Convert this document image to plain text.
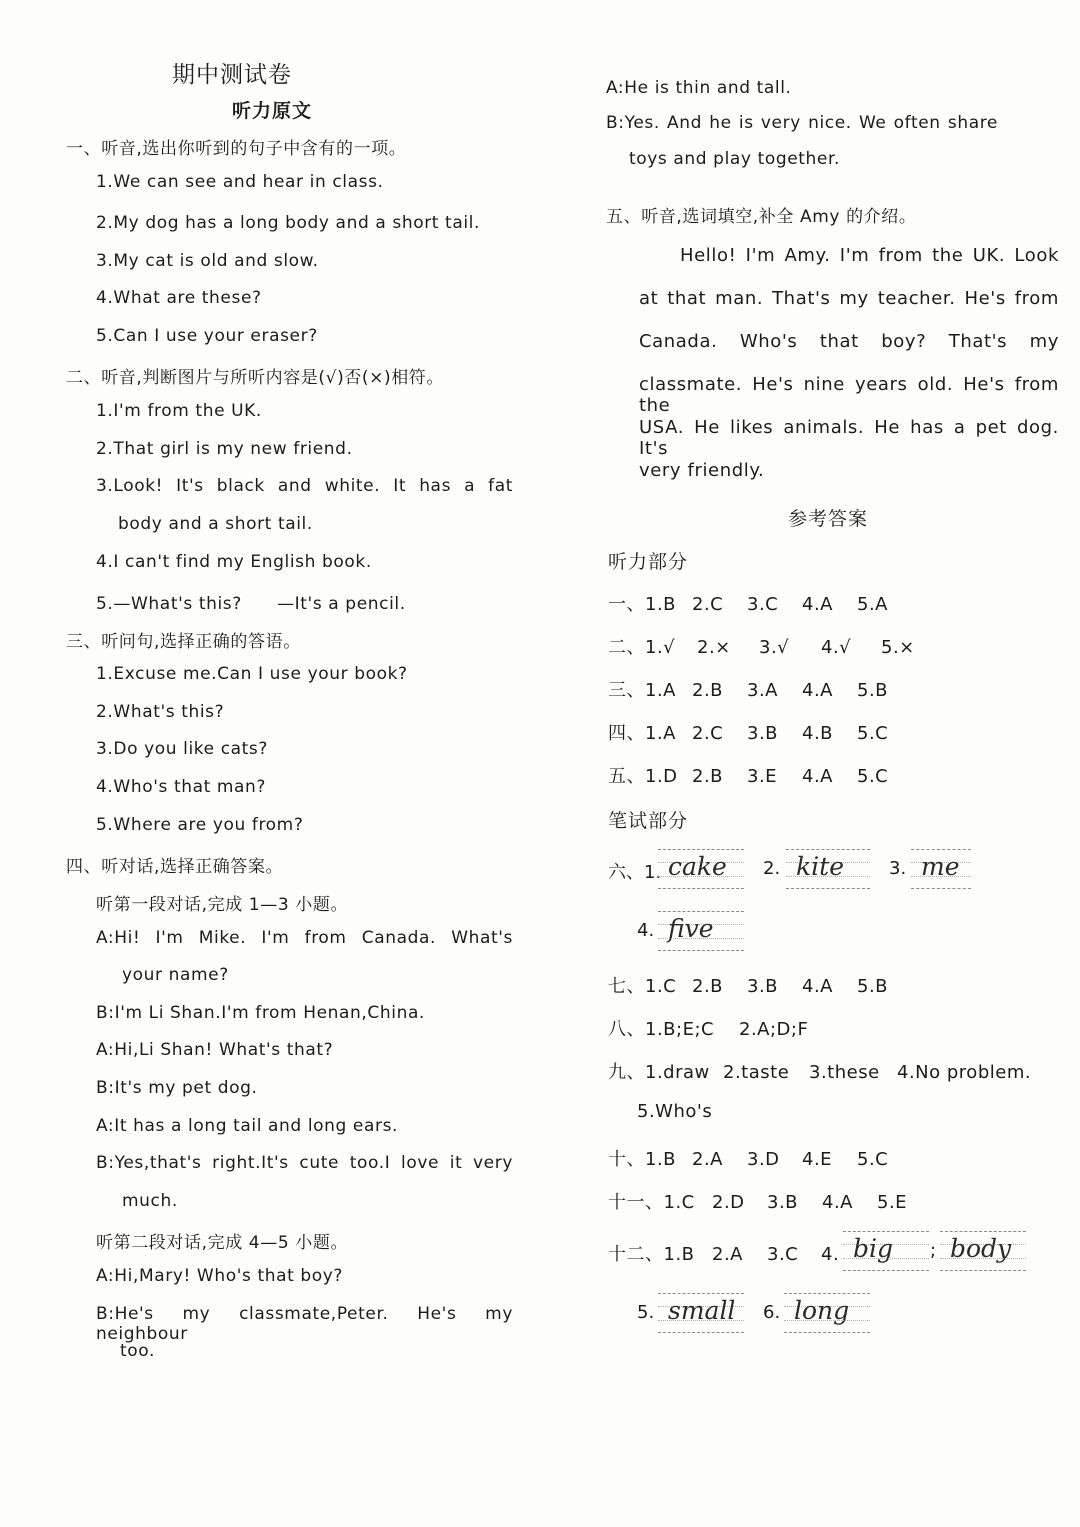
期中测试卷
听力原文
一、听音,选出你听到的句子中含有的一项。
1.We can see and hear in class.
2.My dog has a long body and a short tail.
3.My cat is old and slow.
4.What are these?
5.Can I use your eraser?
二、听音,判断图片与所听内容是(√)否(×)相符。
1.I'm from the UK.
2.That girl is my new friend.
3.Look! It's black and white. It has a fat
body and a short tail.
4.I can't find my English book.
5.—What's this?　　—It's a pencil.
三、听问句,选择正确的答语。
1.Excuse me.Can I use your book?
2.What's this?
3.Do you like cats?
4.Who's that man?
5.Where are you from?
四、听对话,选择正确答案。
听第一段对话,完成 1—3 小题。
A:Hi! I'm Mike. I'm from Canada. What's
your name?
B:I'm Li Shan.I'm from Henan,China.
A:Hi,Li Shan! What's that?
B:It's my pet dog.
A:It has a long tail and long ears.
B:Yes,that's right.It's cute too.I love it very
much.
听第二段对话,完成 4—5 小题。
A:Hi,Mary! Who's that boy?
B:He's my classmate,Peter. He's my neighbour
too.
A:He is thin and tall.
B:Yes. And he is very nice. We often share
toys and play together.
五、听音,选词填空,补全 Amy 的介绍。
Hello! I'm Amy. I'm from the UK. Look
at that man. That's my teacher. He's from
Canada. Who's that boy? That's my
classmate. He's nine years old. He's from the
USA. He likes animals. He has a pet dog. It's
very friendly.
参考答案
听力部分
一、1.B 2.C 3.C 4.A 5.A
二、1.√ 2.× 3.√ 4.√ 5.×
三、1.A 2.B 3.A 4.A 5.B
四、1.A 2.C 3.B 4.B 5.C
五、1.D 2.B 3.E 4.A 5.C
笔试部分
六、1. cake 2. kite	3. me
4. five
七、1.C 2.B 3.B 4.A 5.B
八、1.B;E;C 2.A;D;F
九、1.draw 2.taste 3.these 4.No problem.
5.Who's
十、1.B 2.A 3.D 4.E 5.C
十一、1.C 2.D 3.B 4.A 5.E
十二、1.B 2.A 3.C 4. big ; body
5. small 6. long
